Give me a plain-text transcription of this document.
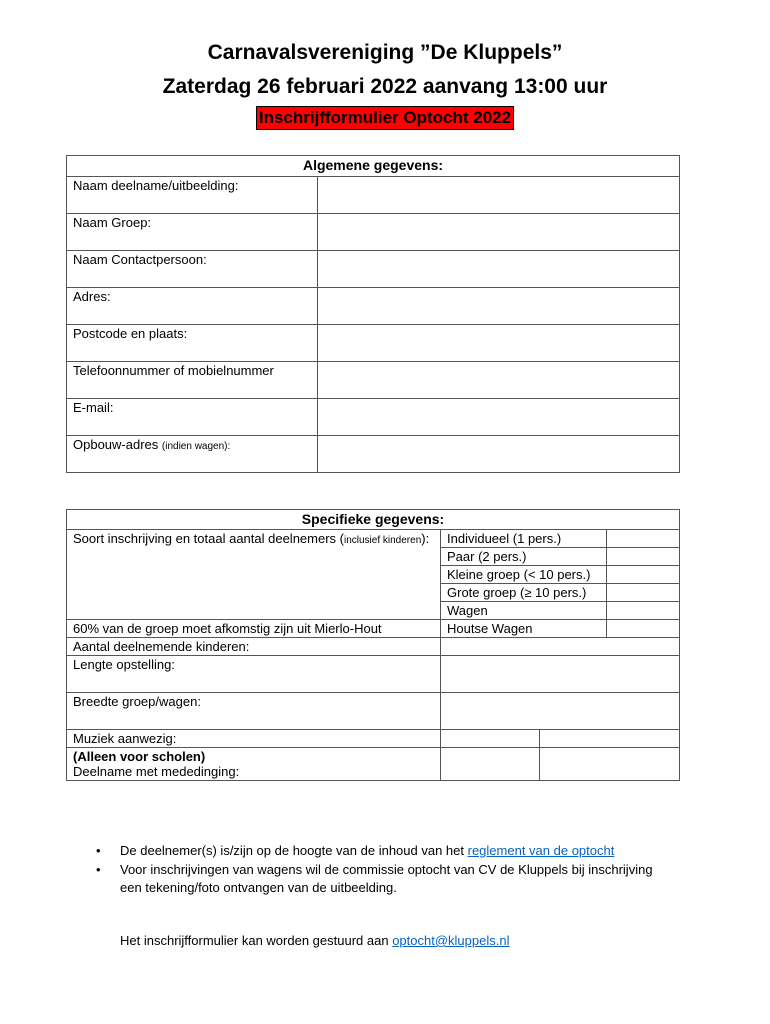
Carnavalsvereniging ”De Kluppels”
Zaterdag 26 februari 2022 aanvang 13:00 uur
Inschrijfformulier Optocht 2022
Algemene gegevens:	
Naam deelname/uitbeelding:	
Naam Groep:	
Naam Contactpersoon:	
Adres:	
Postcode en plaats:	
Telefoonnummer of mobielnummer	
E-mail:	
Opbouw-adres (indien wagen):	
Specifieke gegevens:			
Soort inschrijving en totaal aantal deelnemers (inclusief kinderen):	Individueel (1 pers.)		
	Paar (2 pers.)		
	Kleine groep (< 10 pers.)		
	Grote groep (≥ 10 pers.)		
	Wagen		
60% van de groep moet afkomstig zijn uit Mierlo-Hout	Houtse Wagen		
Aantal deelnemende kinderen:			
Lengte opstelling:			
Breedte groep/wagen:			
Muziek aanwezig:			
(Alleen voor scholen)
Deelname met mededinging:			
• De deelnemer(s) is/zijn op de hoogte van de inhoud van het reglement van de optocht
• Voor inschrijvingen van wagens wil de commissie optocht van CV de Kluppels bij inschrijving een tekening/foto ontvangen van de uitbeelding.
Het inschrijfformulier kan worden gestuurd aan optocht@kluppels.nl
